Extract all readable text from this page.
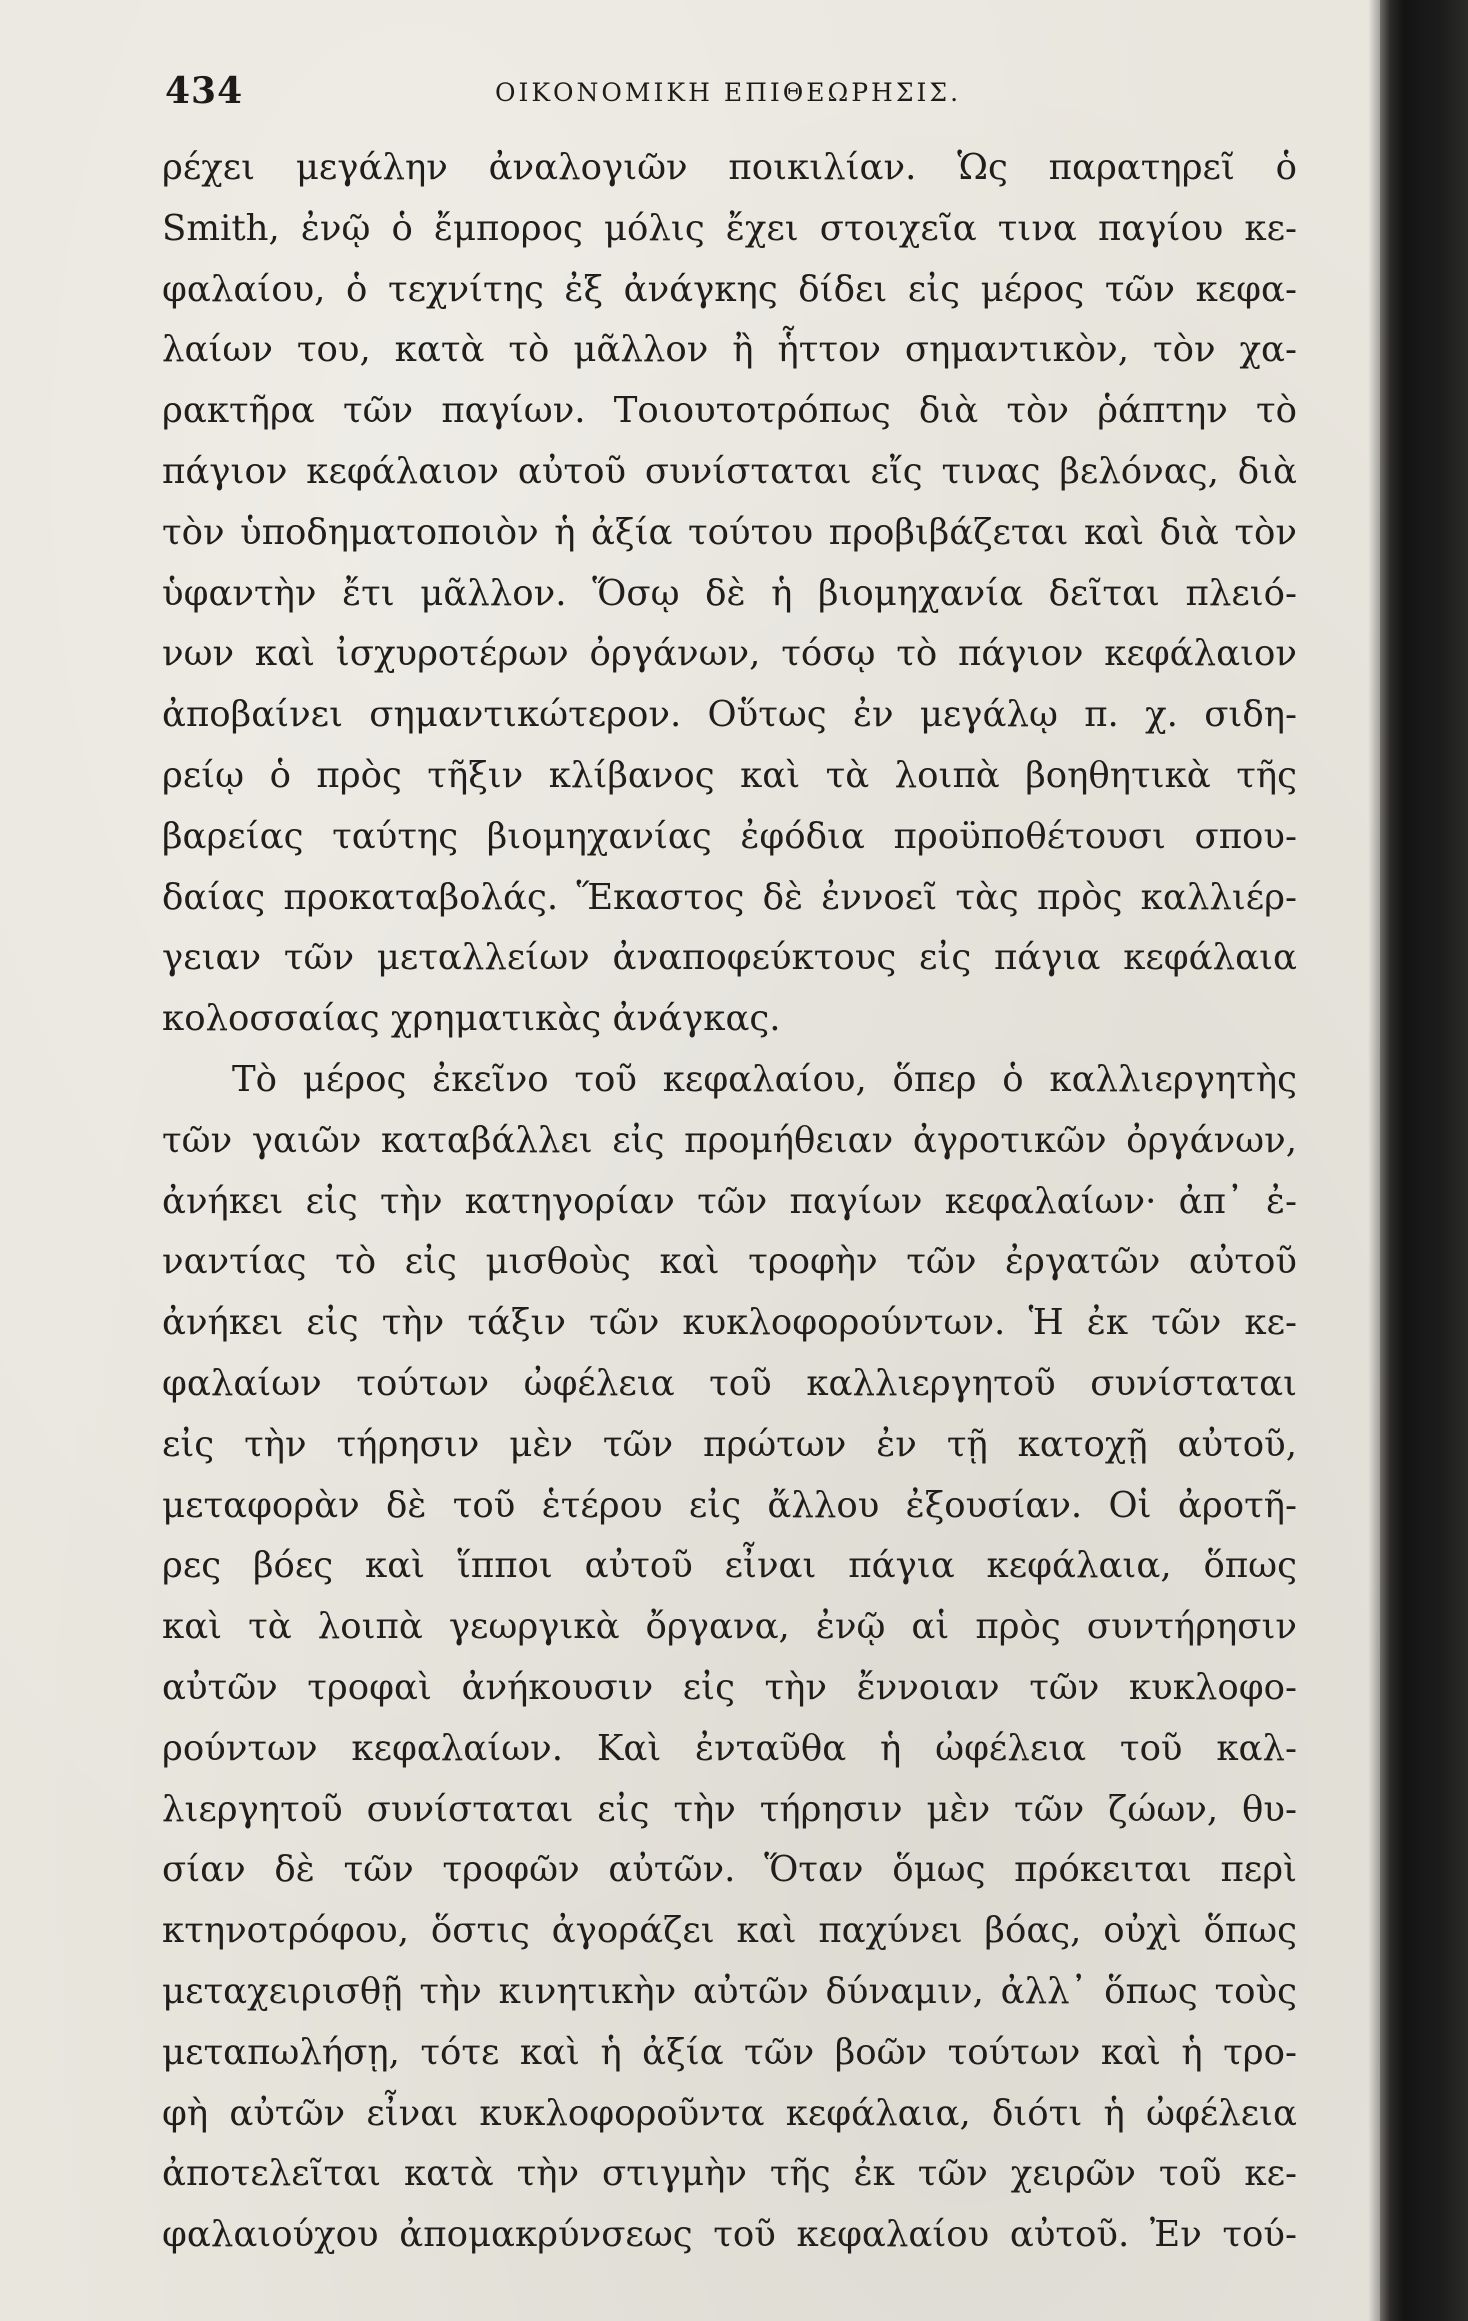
434	ΟΙΚΟΝΟΜΙΚΗ ΕΠΙΘΕΩΡΗΣΙΣ.
ρέχει μεγάλην ἀναλογιῶν ποικιλίαν. Ὡς παρατηρεῖ ὁ
Smith, ἐνῷ ὁ ἔμπορος μόλις ἔχει στοιχεῖα τινα παγίου κε-
φαλαίου, ὁ τεχνίτης ἐξ ἀνάγκης δίδει εἰς μέρος τῶν κεφα-
λαίων του, κατὰ τὸ μᾶλλον ἢ ἧττον σημαντικὸν, τὸν χα-
ρακτῆρα τῶν παγίων. Τοιουτοτρόπως διὰ τὸν ῥάπτην τὸ
πάγιον κεφάλαιον αὐτοῦ συνίσταται εἴς τινας βελόνας, διὰ
τὸν ὑποδηματοποιὸν ἡ ἀξία τούτου προβιβάζεται καὶ διὰ τὸν
ὑφαντὴν ἔτι μᾶλλον. Ὅσῳ δὲ ἡ βιομηχανία δεῖται πλειό-
νων καὶ ἰσχυροτέρων ὀργάνων, τόσῳ τὸ πάγιον κεφάλαιον
ἀποβαίνει σημαντικώτερον. Οὕτως ἐν μεγάλῳ π. χ. σιδη-
ρείῳ ὁ πρὸς τῆξιν κλίβανος καὶ τὰ λοιπὰ βοηθητικὰ τῆς
βαρείας ταύτης βιομηχανίας ἐφόδια προϋποθέτουσι σπου-
δαίας προκαταβολάς. Ἕκαστος δὲ ἐννοεῖ τὰς πρὸς καλλιέρ-
γειαν τῶν μεταλλείων ἀναποφεύκτους εἰς πάγια κεφάλαια
κολοσσαίας χρηματικὰς ἀνάγκας.
Τὸ μέρος ἐκεῖνο τοῦ κεφαλαίου, ὅπερ ὁ καλλιεργητὴς
τῶν γαιῶν καταβάλλει εἰς προμήθειαν ἀγροτικῶν ὀργάνων,
ἀνήκει εἰς τὴν κατηγορίαν τῶν παγίων κεφαλαίων· ἀπ᾽ ἐ-
ναντίας τὸ εἰς μισθοὺς καὶ τροφὴν τῶν ἐργατῶν αὐτοῦ
ἀνήκει εἰς τὴν τάξιν τῶν κυκλοφορούντων. Ἡ ἐκ τῶν κε-
φαλαίων τούτων ὠφέλεια τοῦ καλλιεργητοῦ συνίσταται
εἰς τὴν τήρησιν μὲν τῶν πρώτων ἐν τῇ κατοχῇ αὐτοῦ,
μεταφορὰν δὲ τοῦ ἑτέρου εἰς ἄλλου ἐξουσίαν. Οἱ ἀροτῆ-
ρες βόες καὶ ἵπποι αὐτοῦ εἶναι πάγια κεφάλαια, ὅπως
καὶ τὰ λοιπὰ γεωργικὰ ὄργανα, ἐνῷ αἱ πρὸς συντήρησιν
αὐτῶν τροφαὶ ἀνήκουσιν εἰς τὴν ἔννοιαν τῶν κυκλοφο-
ρούντων κεφαλαίων. Καὶ ἐνταῦθα ἡ ὠφέλεια τοῦ καλ-
λιεργητοῦ συνίσταται εἰς τὴν τήρησιν μὲν τῶν ζώων, θυ-
σίαν δὲ τῶν τροφῶν αὐτῶν. Ὅταν ὅμως πρόκειται περὶ
κτηνοτρόφου, ὅστις ἀγοράζει καὶ παχύνει βόας, οὐχὶ ὅπως
μεταχειρισθῇ τὴν κινητικὴν αὐτῶν δύναμιν, ἀλλ᾽ ὅπως τοὺς
μεταπωλήσῃ, τότε καὶ ἡ ἀξία τῶν βοῶν τούτων καὶ ἡ τρο-
φὴ αὐτῶν εἶναι κυκλοφοροῦντα κεφάλαια, διότι ἡ ὠφέλεια
ἀποτελεῖται κατὰ τὴν στιγμὴν τῆς ἐκ τῶν χειρῶν τοῦ κε-
φαλαιούχου ἀπομακρύνσεως τοῦ κεφαλαίου αὐτοῦ. Ἐν τού-
